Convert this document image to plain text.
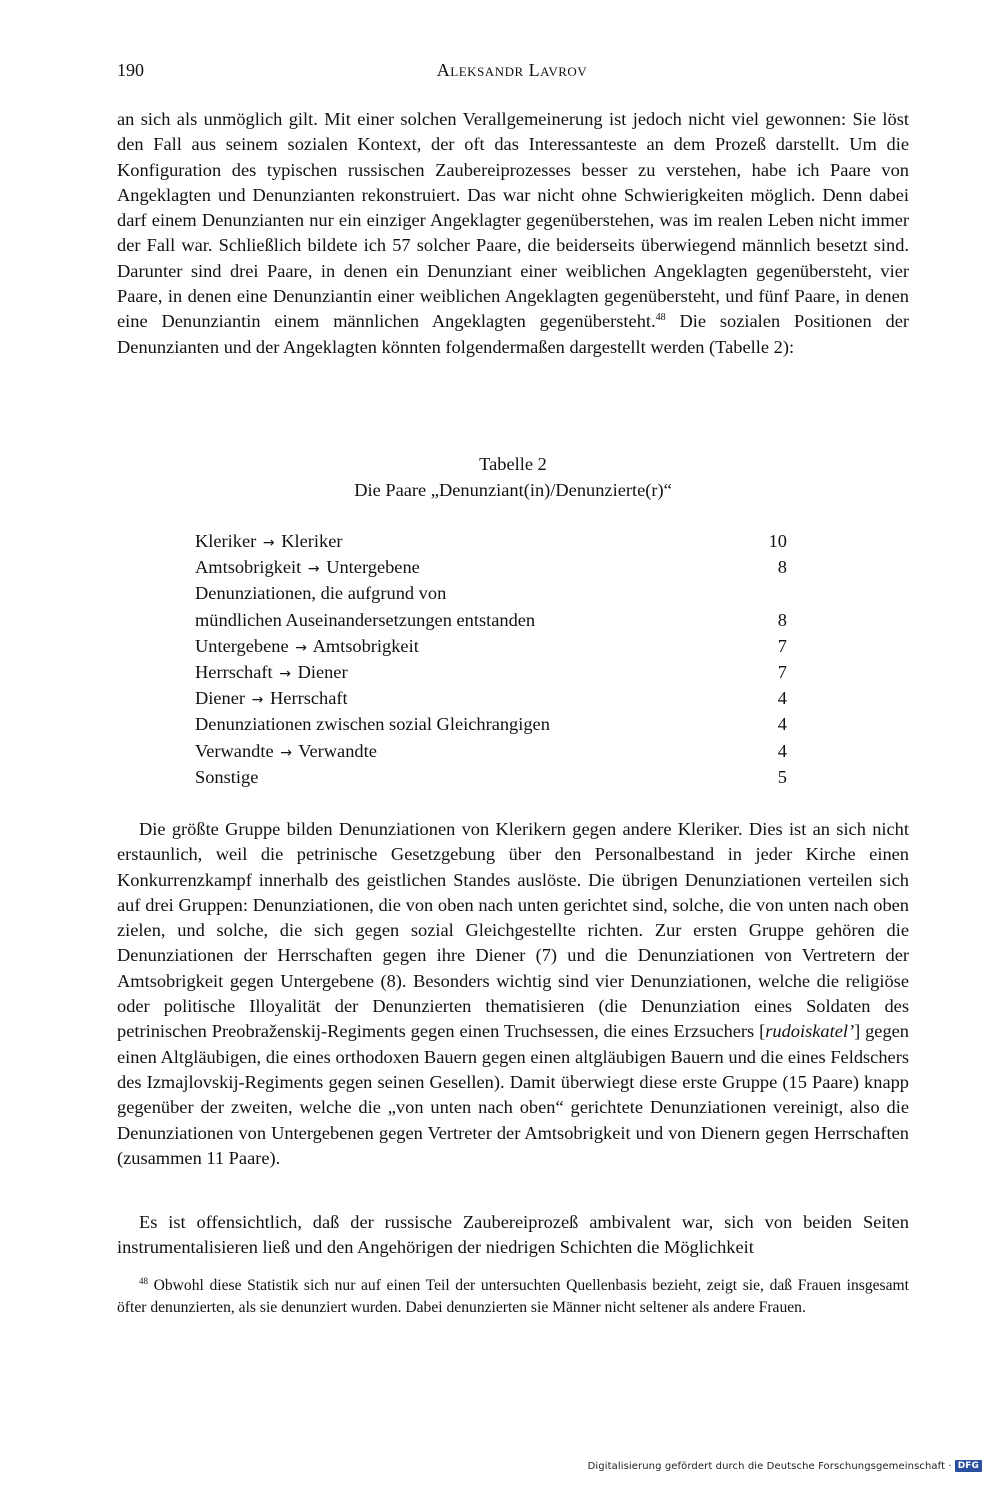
190	Aleksandr Lavrov

an sich als unmöglich gilt. Mit einer solchen Verallgemeinerung ist jedoch nicht viel gewonnen: Sie löst den Fall aus seinem sozialen Kontext, der oft das Interessanteste an dem Prozeß darstellt. Um die Konfiguration des typischen russischen Zaubereiprozesses besser zu verstehen, habe ich Paare von Angeklagten und Denunzianten rekonstruiert. Das war nicht ohne Schwierigkeiten möglich. Denn dabei darf einem Denunzianten nur ein einziger Angeklagter gegenüberstehen, was im realen Leben nicht immer der Fall war. Schließlich bildete ich 57 solcher Paare, die beiderseits überwiegend männlich besetzt sind. Darunter sind drei Paare, in denen ein Denunziant einer weiblichen Angeklagten gegenübersteht, vier Paare, in denen eine Denunziantin einer weiblichen Angeklagten gegenübersteht, und fünf Paare, in denen eine Denunziantin einem männlichen Angeklagten gegenübersteht.$^{48}$ Die sozialen Positionen der Denunzianten und der Angeklagten könnten folgendermaßen dargestellt werden (Tabelle 2):

Tabelle 2
Die Paare „Denunziant(in)/Denunzierte(r)“
Kleriker → Kleriker	10
Amtsobrigkeit → Untergebene	8
Denunziationen, die aufgrund von
mündlichen Auseinandersetzungen entstanden	8
Untergebene → Amtsobrigkeit	7
Herrschaft → Diener	7
Diener → Herrschaft	4
Denunziationen zwischen sozial Gleichrangigen	4
Verwandte → Verwandte	4
Sonstige	5

Die größte Gruppe bilden Denunziationen von Klerikern gegen andere Kleriker. Dies ist an sich nicht erstaunlich, weil die petrinische Gesetzgebung über den Personalbestand in jeder Kirche einen Konkurrenzkampf innerhalb des geistlichen Standes auslöste. Die übrigen Denunziationen verteilen sich auf drei Gruppen: Denunziationen, die von oben nach unten gerichtet sind, solche, die von unten nach oben zielen, und solche, die sich gegen sozial Gleichgestellte richten. Zur ersten Gruppe gehören die Denunziationen der Herrschaften gegen ihre Diener (7) und die Denunziationen von Vertretern der Amtsobrigkeit gegen Untergebene (8). Besonders wichtig sind vier Denunziationen, welche die religiöse oder politische Illoyalität der Denunzierten thematisieren (die Denunziation eines Soldaten des petrinischen Preobraženskij-Regiments gegen einen Truchsessen, die eines Erzsuchers [rudoiskatel’] gegen einen Altgläubigen, die eines orthodoxen Bauern gegen einen altgläubigen Bauern und die eines Feldschers des Izmajlovskij-Regiments gegen seinen Gesellen). Damit überwiegt diese erste Gruppe (15 Paare) knapp gegenüber der zweiten, welche die „von unten nach oben“ gerichtete Denunziationen vereinigt, also die Denunziationen von Untergebenen gegen Vertreter der Amtsobrigkeit und von Dienern gegen Herrschaften (zusammen 11 Paare).

Es ist offensichtlich, daß der russische Zaubereiprozeß ambivalent war, sich von beiden Seiten instrumentalisieren ließ und den Angehörigen der niedrigen Schichten die Möglichkeit

$^{48}$ Obwohl diese Statistik sich nur auf einen Teil der untersuchten Quellenbasis bezieht, zeigt sie, daß Frauen insgesamt öfter denunzierten, als sie denunziert wurden. Dabei denunzierten sie Männer nicht seltener als andere Frauen.

Digitalisierung gefördert durch die Deutsche Forschungsgemeinschaft · DFG
